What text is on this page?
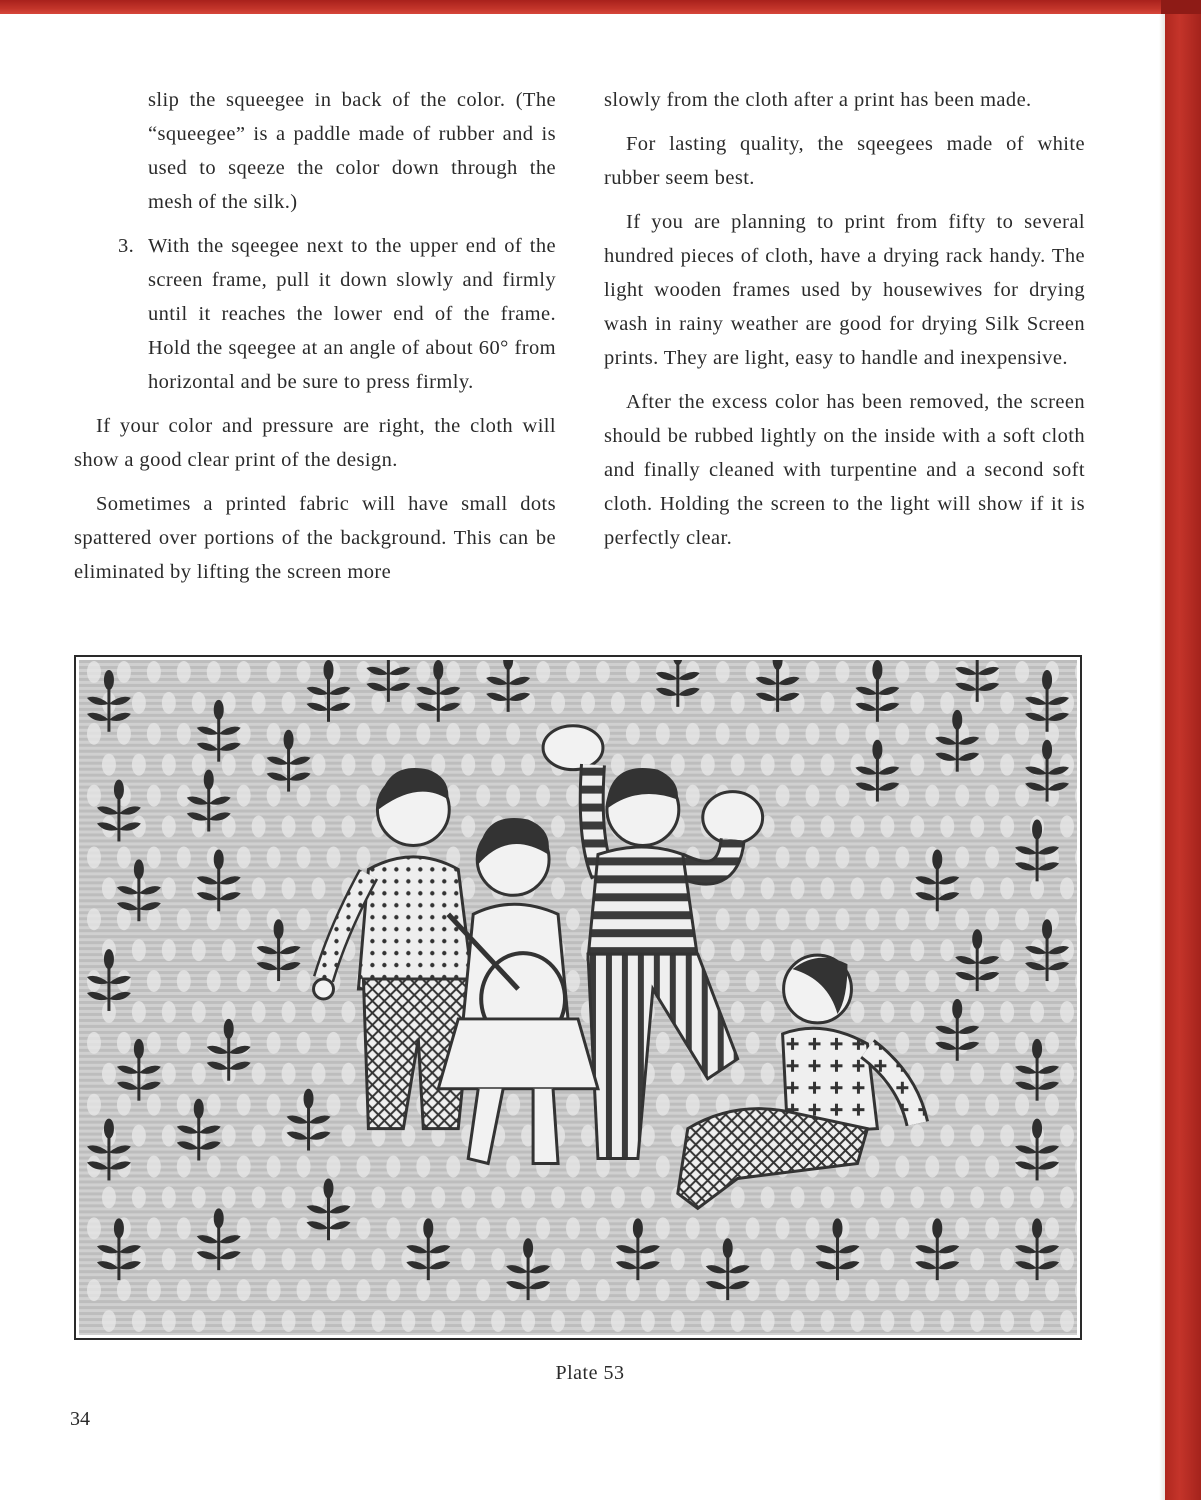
slip the squeegee in back of the color. (The “squeegee” is a paddle made of rubber and is used to sqeeze the color down through the mesh of the silk.)

3. With the sqeegee next to the upper end of the screen frame, pull it down slowly and firmly until it reaches the lower end of the frame. Hold the sqeegee at an angle of about 60° from horizontal and be sure to press firmly.

If your color and pressure are right, the cloth will show a good clear print of the design.

Sometimes a printed fabric will have small dots spattered over portions of the background. This can be eliminated by lifting the screen more

slowly from the cloth after a print has been made.

For lasting quality, the sqeegees made of white rubber seem best.

If you are planning to print from fifty to several hundred pieces of cloth, have a drying rack handy. The light wooden frames used by housewives for drying wash in rainy weather are good for drying Silk Screen prints. They are light, easy to handle and inexpensive.

After the excess color has been removed, the screen should be rubbed lightly on the inside with a soft cloth and finally cleaned with turpentine and a second soft cloth. Holding the screen to the light will show if it is perfectly clear.

Plate 53
34
